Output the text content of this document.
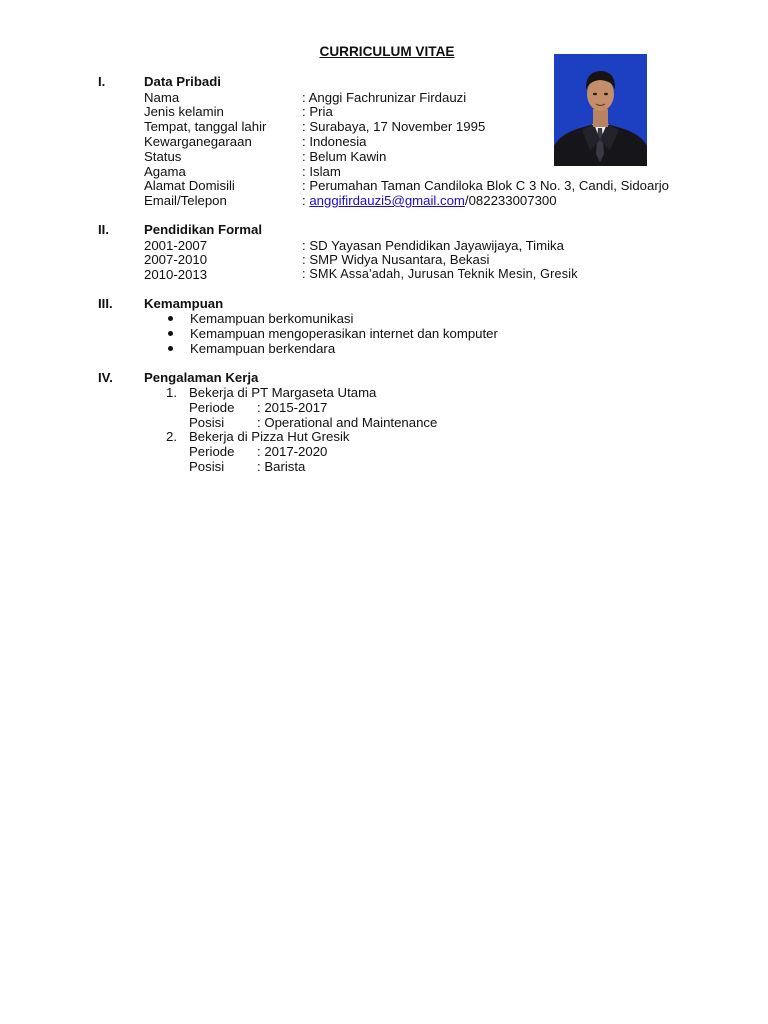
CURRICULUM VITAE
I.	Data Pribadi
Nama	: Anggi Fachrunizar Firdauzi
Jenis kelamin	: Pria
Tempat, tanggal lahir	: Surabaya, 17 November 1995
Kewarganegaraan	: Indonesia
Status	: Belum Kawin
Agama	: Islam
Alamat Domisili	: Perumahan Taman Candiloka Blok C 3 No. 3, Candi, Sidoarjo
Email/Telepon	: anggifirdauzi5@gmail.com/082233007300
II.	Pendidikan Formal
2001-2007	: SD Yayasan Pendidikan Jayawijaya, Timika
2007-2010	: SMP Widya Nusantara, Bekasi
2010-2013	: SMK Assa'adah, Jurusan Teknik Mesin, Gresik
III. Kemampuan
Kemampuan berkomunikasi
Kemampuan mengoperasikan internet dan komputer
Kemampuan berkendara
IV. Pengalaman Kerja
1. Bekerja di PT Margaseta Utama
Periode : 2015-2017
Posisi : Operational and Maintenance
2. Bekerja di Pizza Hut Gresik
Periode : 2017-2020
Posisi : Barista
